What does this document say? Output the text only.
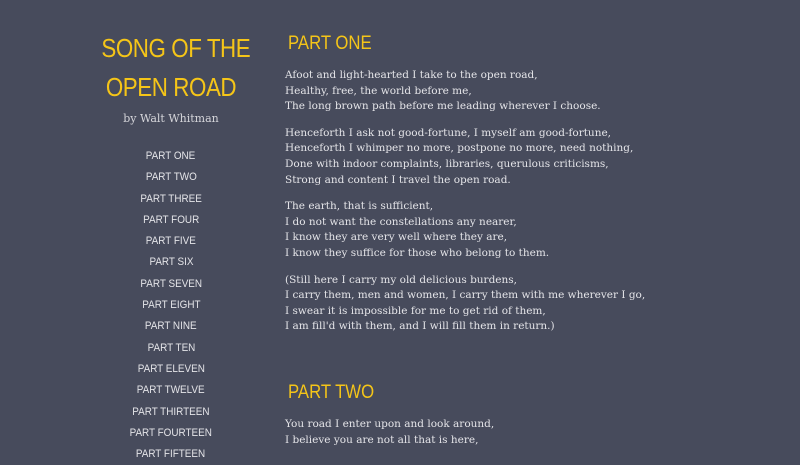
SONG OF THE
OPEN ROAD
by Walt Whitman
PART ONE
PART TWO
PART THREE
PART FOUR
PART FIVE
PART SIX
PART SEVEN
PART EIGHT
PART NINE
PART TEN
PART ELEVEN
PART TWELVE
PART THIRTEEN
PART FOURTEEN
PART FIFTEEN
PART ONE

Afoot and light-hearted I take to the open road,
Healthy, free, the world before me,
The long brown path before me leading wherever I choose.

Henceforth I ask not good-fortune, I myself am good-fortune,
Henceforth I whimper no more, postpone no more, need nothing,
Done with indoor complaints, libraries, querulous criticisms,
Strong and content I travel the open road.

The earth, that is sufficient,
I do not want the constellations any nearer,
I know they are very well where they are,
I know they suffice for those who belong to them.

(Still here I carry my old delicious burdens,
I carry them, men and women, I carry them with me wherever I go,
I swear it is impossible for me to get rid of them,
I am fill'd with them, and I will fill them in return.)

PART TWO

You road I enter upon and look around,
I believe you are not all that is here,
